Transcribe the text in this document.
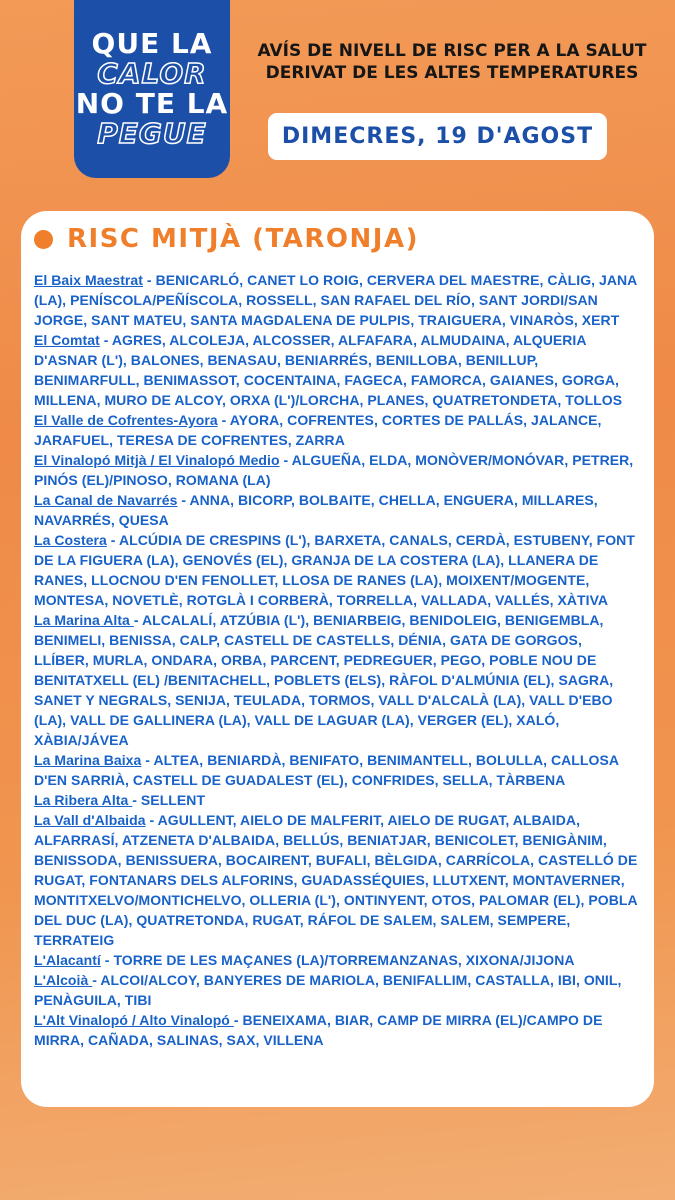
QUE LA
CALOR
NO TE LA
PEGUE
AVÍS DE NIVELL DE RISC PER A LA SALUT
DERIVAT DE LES ALTES TEMPERATURES
DIMECRES, 19 D'AGOST
RISC MITJÀ (TARONJA)
El Baix Maestrat - BENICARLÓ, CANET LO ROIG, CERVERA DEL MAESTRE, CÀLIG, JANA (LA), PENÍSCOLA/PEÑÍSCOLA, ROSSELL, SAN RAFAEL DEL RÍO, SANT JORDI/SAN JORGE, SANT MATEU, SANTA MAGDALENA DE PULPIS, TRAIGUERA, VINARÒS, XERT
El Comtat - AGRES, ALCOLEJA, ALCOSSER, ALFAFARA, ALMUDAINA, ALQUERIA D'ASNAR (L'), BALONES, BENASAU, BENIARRÉS, BENILLOBA, BENILLUP, BENIMARFULL, BENIMASSOT, COCENTAINA, FAGECA, FAMORCA, GAIANES, GORGA, MILLENA, MURO DE ALCOY, ORXA (L')/LORCHA, PLANES, QUATRETONDETA, TOLLOS
El Valle de Cofrentes-Ayora - AYORA, COFRENTES, CORTES DE PALLÁS, JALANCE, JARAFUEL, TERESA DE COFRENTES, ZARRA
El Vinalopó Mitjà / El Vinalopó Medio - ALGUEÑA, ELDA, MONÒVER/MONÓVAR, PETRER, PINÓS (EL)/PINOSO, ROMANA (LA)
La Canal de Navarrés - ANNA, BICORP, BOLBAITE, CHELLA, ENGUERA, MILLARES, NAVARRÉS, QUESA
La Costera - ALCÚDIA DE CRESPINS (L'), BARXETA, CANALS, CERDÀ, ESTUBENY, FONT DE LA FIGUERA (LA), GENOVÉS (EL), GRANJA DE LA COSTERA (LA), LLANERA DE RANES, LLOCNOU D'EN FENOLLET, LLOSA DE RANES (LA), MOIXENT/MOGENTE, MONTESA, NOVETLÈ, ROTGLÀ I CORBERÀ, TORRELLA, VALLADA, VALLÉS, XÀTIVA
La Marina Alta - ALCALALÍ, ATZÚBIA (L'), BENIARBEIG, BENIDOLEIG, BENIGEMBLA, BENIMELI, BENISSA, CALP, CASTELL DE CASTELLS, DÉNIA, GATA DE GORGOS, LLÍBER, MURLA, ONDARA, ORBA, PARCENT, PEDREGUER, PEGO, POBLE NOU DE BENITATXELL (EL) /BENITACHELL, POBLETS (ELS), RÀFOL D'ALMÚNIA (EL), SAGRA, SANET Y NEGRALS, SENIJA, TEULADA, TORMOS, VALL D'ALCALÀ (LA), VALL D'EBO (LA), VALL DE GALLINERA (LA), VALL DE LAGUAR (LA), VERGER (EL), XALÓ, XÀBIA/JÁVEA
La Marina Baixa - ALTEA, BENIARDÀ, BENIFATO, BENIMANTELL, BOLULLA, CALLOSA D'EN SARRIÀ, CASTELL DE GUADALEST (EL), CONFRIDES, SELLA, TÀRBENA
La Ribera Alta - SELLENT
La Vall d'Albaida - AGULLENT, AIELO DE MALFERIT, AIELO DE RUGAT, ALBAIDA, ALFARRASÍ, ATZENETA D'ALBAIDA, BELLÚS, BENIATJAR, BENICOLET, BENIGÀNIM, BENISSODA, BENISSUERA, BOCAIRENT, BUFALI, BÈLGIDA, CARRÍCOLA, CASTELLÓ DE RUGAT, FONTANARS DELS ALFORINS, GUADASSÉQUIES, LLUTXENT, MONTAVERNER, MONTITXELVO/MONTICHELVO, OLLERIA (L'), ONTINYENT, OTOS, PALOMAR (EL), POBLA DEL DUC (LA), QUATRETONDA, RUGAT, RÁFOL DE SALEM, SALEM, SEMPERE, TERRATEIG
L'Alacantí - TORRE DE LES MAÇANES (LA)/TORREMANZANAS, XIXONA/JIJONA
L'Alcoià - ALCOI/ALCOY, BANYERES DE MARIOLA, BENIFALLIM, CASTALLA, IBI, ONIL, PENÀGUILA, TIBI
L'Alt Vinalopó / Alto Vinalopó - BENEIXAMA, BIAR, CAMP DE MIRRA (EL)/CAMPO DE MIRRA, CAÑADA, SALINAS, SAX, VILLENA
